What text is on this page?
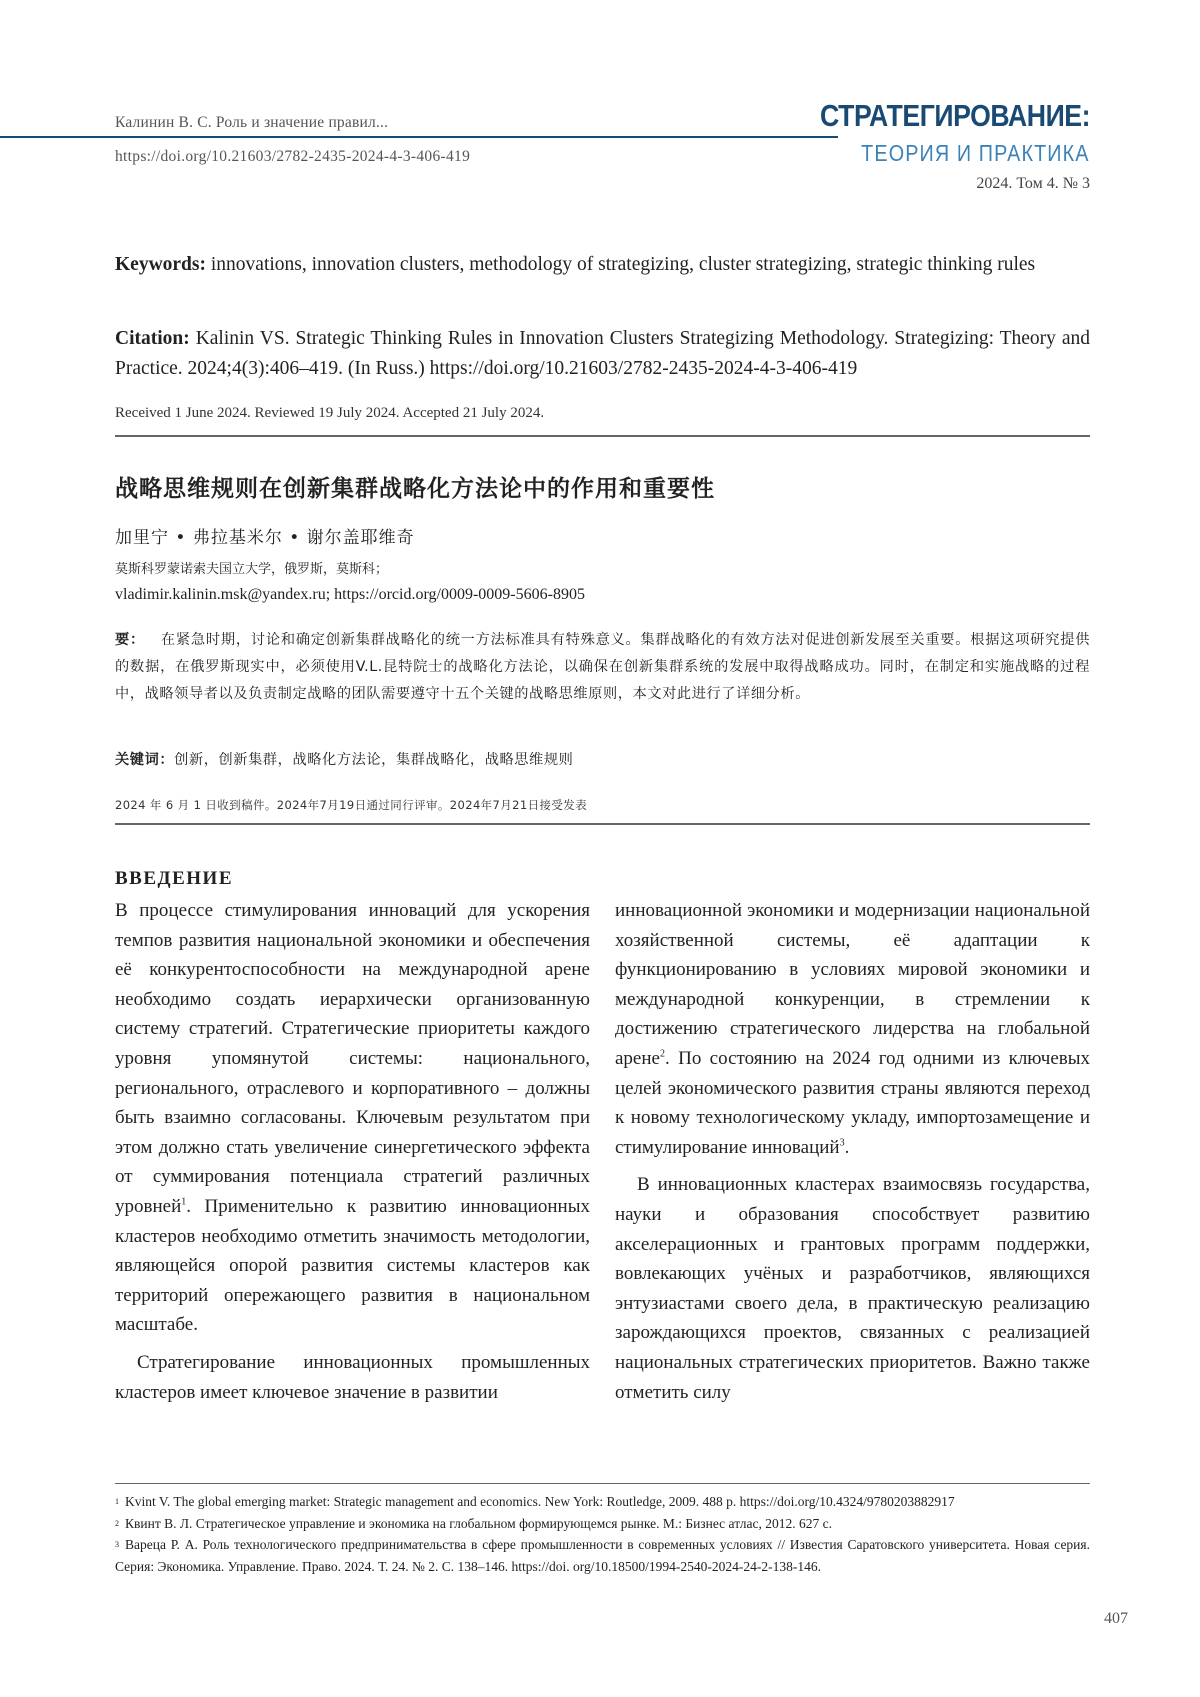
Калинин В. С. Роль и значение правил...
https://doi.org/10.21603/2782-2435-2024-4-3-406-419
СТРАТЕГИРОВАНИЕ:
ТЕОРИЯ И ПРАКТИКА
2024. Том 4. № 3
Keywords: innovations, innovation clusters, methodology of strategizing, cluster strategizing, strategic thinking rules
Citation: Kalinin VS. Strategic Thinking Rules in Innovation Clusters Strategizing Methodology. Strategizing: Theory and Practice. 2024;4(3):406–419. (In Russ.) https://doi.org/10.21603/2782-2435-2024-4-3-406-419
Received 1 June 2024. Reviewed 19 July 2024. Accepted 21 July 2024.
战略思维规则在创新集群战略化方法论中的作用和重要性
加里宁 • 弗拉基米尔 • 谢尔盖耶维奇
莫斯科罗蒙诺索夫国立大学，俄罗斯，莫斯科；
vladimir.kalinin.msk@yandex.ru; https://orcid.org/0009-0009-5606-8905
要： 在紧急时期，讨论和确定创新集群战略化的统一方法标准具有特殊意义。集群战略化的有效方法对促进创新发展至关重要。根据这项研究提供的数据，在俄罗斯现实中，必须使用V.L.昆特院士的战略化方法论，以确保在创新集群系统的发展中取得战略成功。同时，在制定和实施战略的过程中，战略领导者以及负责制定战略的团队需要遵守十五个关键的战略思维原则，本文对此进行了详细分析。
关键词：创新，创新集群，战略化方法论，集群战略化，战略思维规则
2024 年 6 月 1 日收到稿件。2024年7月19日通过同行评审。2024年7月21日接受发表
ВВЕДЕНИЕ

В процессе стимулирования инноваций для ускорения темпов развития национальной экономики и обеспечения её конкурентоспособности на международной арене необходимо создать иерархически организованную систему стратегий. Стратегические приоритеты каждого уровня упомянутой системы: национального, регионального, отраслевого и корпоративного – должны быть взаимно согласованы. Ключевым результатом при этом должно стать увеличение синергетического эффекта от суммирования потенциала стратегий различных уровней$^1$. Применительно к развитию инновационных кластеров необходимо отметить значимость методологии, являющейся опорой развития системы кластеров как территорий опережающего развития в национальном масштабе.

Стратегирование инновационных промышленных кластеров имеет ключевое значение в развитии

инновационной экономики и модернизации национальной хозяйственной системы, её адаптации к функционированию в условиях мировой экономики и международной конкуренции, в стремлении к достижению стратегического лидерства на глобальной арене$^2$. По состоянию на 2024 год одними из ключевых целей экономического развития страны являются переход к новому технологическому укладу, импортозамещение и стимулирование инноваций$^3$.

В инновационных кластерах взаимосвязь государства, науки и образования способствует развитию акселерационных и грантовых программ поддержки, вовлекающих учёных и разработчиков, являющихся энтузиастами своего дела, в практическую реализацию зарождающихся проектов, связанных с реализацией национальных стратегических приоритетов. Важно также отметить силу

$^1$ Kvint V. The global emerging market: Strategic management and economics. New York: Routledge, 2009. 488 p. https://doi.org/10.4324/9780203882917

$^2$ Квинт В. Л. Стратегическое управление и экономика на глобальном формирующемся рынке. М.: Бизнес атлас, 2012. 627 с.

$^3$ Вареца Р. А. Роль технологического предпринимательства в сфере промышленности в современных условиях // Известия Саратовского университета. Новая серия. Серия: Экономика. Управление. Право. 2024. Т. 24. № 2. С. 138–146. https://doi. org/10.18500/1994-2540-2024-24-2-138-146.

407
